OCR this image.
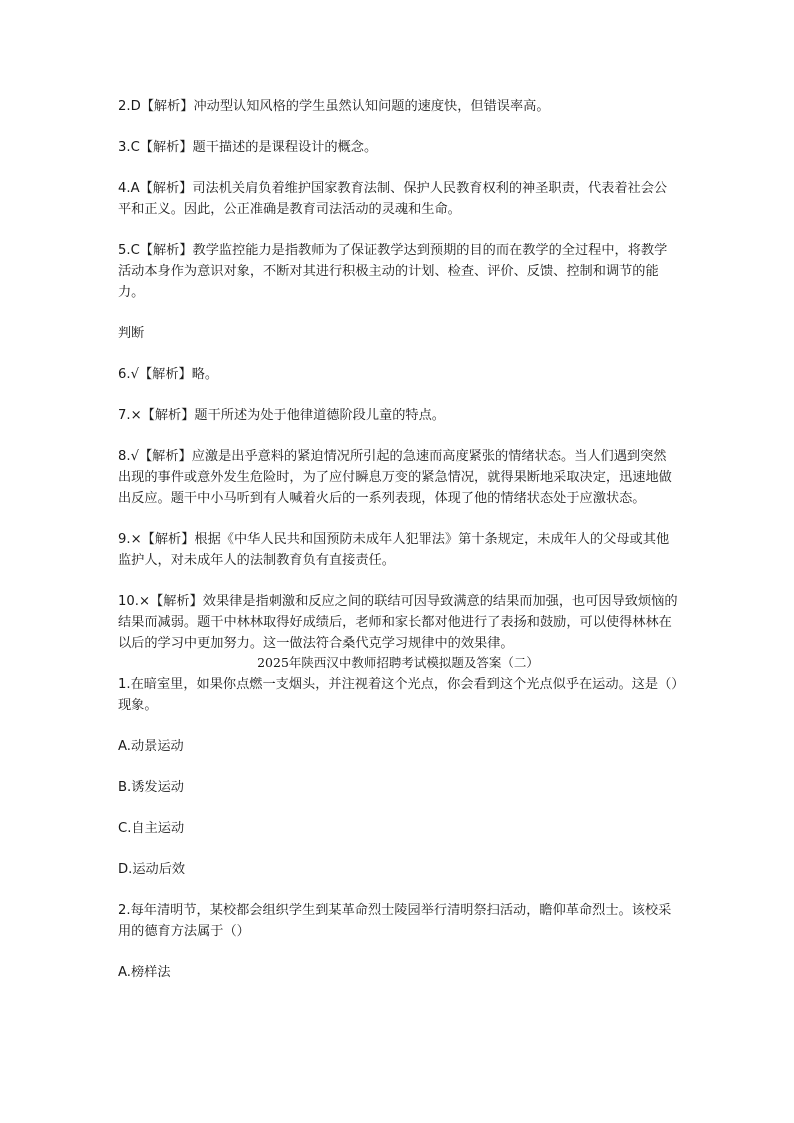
2.D【解析】冲动型认知风格的学生虽然认知问题的速度快，但错误率高。

3.C【解析】题干描述的是课程设计的概念。

4.A【解析】司法机关肩负着维护国家教育法制、保护人民教育权利的神圣职责，代表着社会公平和正义。因此，公正准确是教育司法活动的灵魂和生命。

5.C【解析】教学监控能力是指教师为了保证教学达到预期的目的而在教学的全过程中，将教学活动本身作为意识对象，不断对其进行积极主动的计划、检查、评价、反馈、控制和调节的能力。

判断

6.√【解析】略。

7.×【解析】题干所述为处于他律道德阶段儿童的特点。

8.√【解析】应激是出乎意料的紧迫情况所引起的急速而高度紧张的情绪状态。当人们遇到突然出现的事件或意外发生危险时，为了应付瞬息万变的紧急情况，就得果断地采取决定，迅速地做出反应。题干中小马听到有人喊着火后的一系列表现，体现了他的情绪状态处于应激状态。

9.×【解析】根据《中华人民共和国预防未成年人犯罪法》第十条规定，未成年人的父母或其他监护人，对未成年人的法制教育负有直接责任。

10.×【解析】效果律是指刺激和反应之间的联结可因导致满意的结果而加强，也可因导致烦恼的结果而减弱。题干中林林取得好成绩后，老师和家长都对他进行了表扬和鼓励，可以使得林林在以后的学习中更加努力。这一做法符合桑代克学习规律中的效果律。

2025年陕西汉中教师招聘考试模拟题及答案（二）

1.在暗室里，如果你点燃一支烟头，并注视着这个光点，你会看到这个光点似乎在运动。这是（）现象。

A.动景运动

B.诱发运动

C.自主运动

D.运动后效

2.每年清明节，某校都会组织学生到某革命烈士陵园举行清明祭扫活动，瞻仰革命烈士。该校采用的德育方法属于（）

A.榜样法
